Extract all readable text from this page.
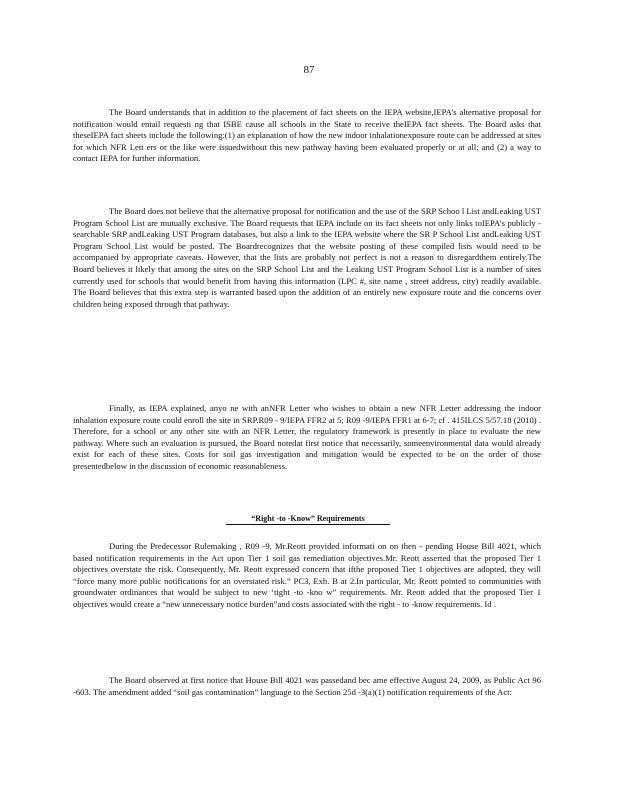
87

The Board understands that in addition to the placement of fact sheets on the IEPA website,IEPA’s alternative proposal for notification would entail requesti ng that ISBE cause all schools in the State to receive theIEPA fact sheets. The Board asks that theseIEPA fact sheets include the following:(1) an explanation of how the new indoor inhalationexposure route can be addressed at sites for which NFR Lett ers or the like were issuedwithout this new pathway having been evaluated properly or at all; and (2) a way to contact IEPA for further information.

The Board does not believe that the alternative proposal for notification and the use of the SRP Schoo l List andLeaking UST Program School List are mutually exclusive. The Board requests that IEPA include on its fact sheets not only links toIEPA’s publicly - searchable SRP andLeaking UST Program databases, but also a link to the IEPA website where the SR P School List andLeaking UST Program School List would be posted. The Boardrecognizes that the website posting of these compiled lists would need to be accompanied by appropriate caveats. However, that the lists are probably not perfect is not a reason to disregardthem entirely.The Board believes it likely that among the sites on the SRP School List and the Leaking UST Program School List is a number of sites currently used for schools that would benefit from having this information (LPC #, site name , street address, city) readily available. The Board believes that this extra step is warranted based upon the addition of an entirely new exposure route and the concerns over children being exposed through that pathway.

Finally, as IEPA explained, anyo ne with anNFR Letter who wishes to obtain a new NFR Letter addressing the indoor inhalation exposure route could enroll the site in SRP.R09 - 9/IEPA FFR2 at 5; R09 -9/IEPA FFR1 at 6-7; cf . 415ILCS 5/57.18 (2010) . Therefore, for a school or any other site with an NFR Letter, the regulatory framework is presently in place to evaluate the new pathway. Where such an evaluation is pursued, the Board notedat first notice that necessarily, someenvironmental data would already exist for each of these sites. Costs for soil gas investigation and mitigation would be expected to be on the order of those presentedbelow in the discussion of economic reasonableness.

“Right -to -Know” Requirements

During the Predecessor Rulemaking , R09 -9, Mr.Reott provided informati on on then - pending House Bill 4021, which based notification requirements in the Act upon Tier 1 soil gas remediation objectives.Mr. Reott asserted that the proposed Tier 1 objectives overstate the risk. Consequently, Mr. Reott expressed concern that ifthe proposed Tier 1 objectives are adopted, they will “force many more public notifications for an overstated risk.” PC3, Exh. B at 2.In particular, Mr. Reott pointed to communities with groundwater ordinances that would be subject to new ‘tight -to -kno w” requirements. Mr. Reott added that the proposed Tier 1 objectives would create a “new unnecessary notice burden”and costs associated with the right - to -know requirements. Id .

The Board observed at first notice that House Bill 4021 was passedand bec ame effective August 24, 2009, as Public Act 96 -603. The amendment added “soil gas contamination” language to the Section 25d -3(a)(1) notification requirements of the Act:
